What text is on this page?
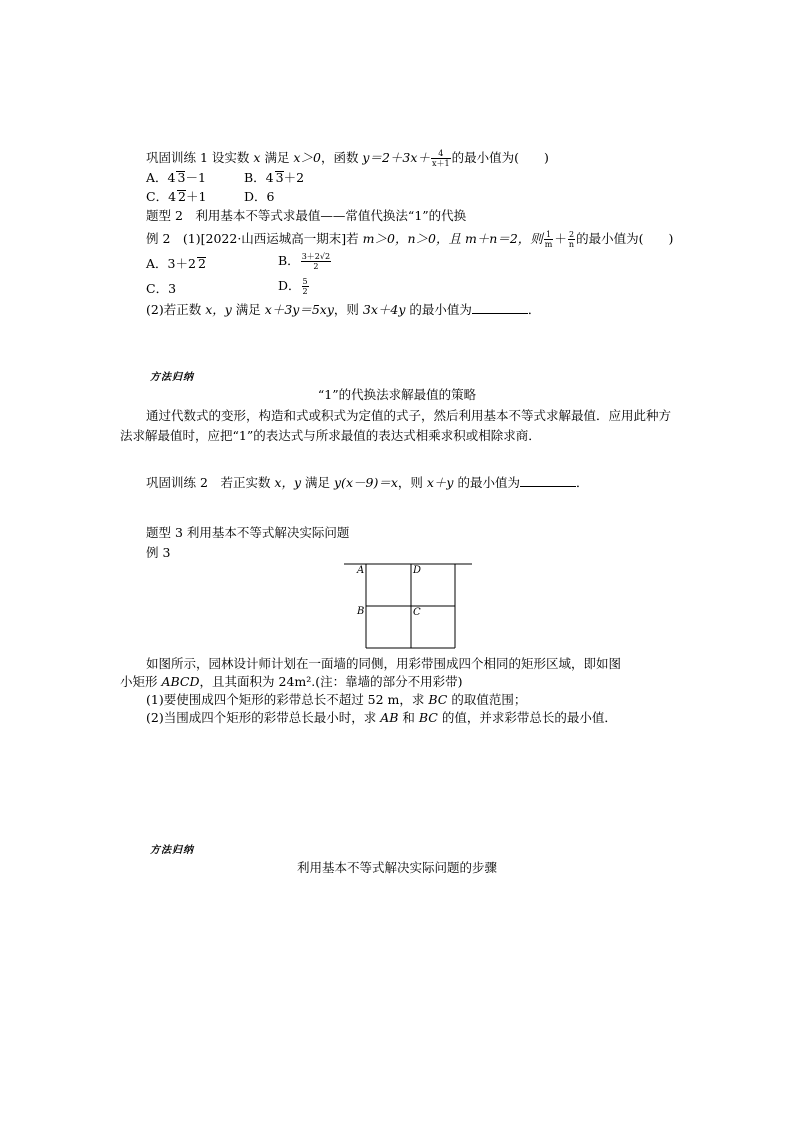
巩固训练 1 设实数 x 满足 x＞0，函数 $y=2+3x+ \frac{4}{x+1}$ 的最小值为(　　)
A．4 3－1	B．4 3＋2
C．4 2＋1	D．6
题型 2　利用基本不等式求最值——常值代换法“1”的代换
例 2　(1)[2022·山西运城高一期末]若 m＞0，n＞0，且 m＋n＝2，则 $\frac{1}{m} + \frac{2}{n}$ 的最小值为(　　)
A．3＋2 2	B． $\frac{3+2√2}{2}$
C．3	D． $\frac{5}{2}$
(2)若正数 x，y 满足 x＋3y＝5xy，则 3x＋4y 的最小值为	．
方法归纳
“1”的代换法求解最值的策略
通过代数式的变形，构造和式或积式为定值的式子，然后利用基本不等式求解最值．应用此种方法求解最值时，应把“1”的表达式与所求最值的表达式相乘求积或相除求商．
巩固训练 2　若正实数 x，y 满足 y(x－9)＝x，则 x＋y 的最小值为	．
题型 3 利用基本不等式解决实际问题
例 3
A	D
B	C
如图所示，园林设计师计划在一面墙的同侧，用彩带围成四个相同的矩形区域，即如图
小矩形 ABCD，且其面积为 24m².(注：靠墙的部分不用彩带)
(1)要使围成四个矩形的彩带总长不超过 52 m，求 BC 的取值范围；
(2)当围成四个矩形的彩带总长最小时，求 AB 和 BC 的值，并求彩带总长的最小值．
方法归纳
利用基本不等式解决实际问题的步骤
